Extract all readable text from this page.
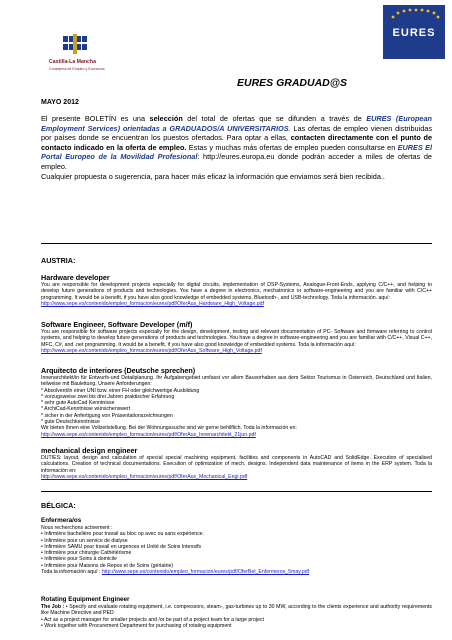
Castilla-La Mancha
Consejería de Empleo y Economía
EURES
EURES GRADUAD@S
MAYO 2012
El presente BOLETÍN es una selección del total de ofertas que se difunden a través de EURES (European Employment Services) orientadas a GRADUADOS/A UNIVERSITARIOS. Las ofertas de empleo vienen distribuidas por países donde se encuentran los puestos ofertados. Para optar a ellas, contacten directamente con el punto de contacto indicado en la oferta de empleo. Estas y muchas más ofertas de empleo pueden consultarse en EURES El Portal Europeo de la Movilidad Profesional: http://eures.europa.eu donde podrán acceder a miles de ofertas de empleo.
Cualquier propuesta o sugerencia, para hacer más eficaz la información que enviamos será bien recibida..
AUSTRIA:
Hardware developer
You are responsible for development projects especially for digital circuits, implementation of DSP-Systems, Analogue-Front-Ends, applying C/C++, and helping to develop future generations of products and technologies. You have a degree in electronics, mechatronics or software-engineering and you are familiar with C/C++ programming. It would be a benefit, if you have also good knowledge of embedded systems, Bluetooth-, and USB-technology. Toda la información. aquí:
http://www.sepe.es/contenido/empleo_formacion/eures/pdf/OferAus_Hardware_High_Voltage.pdf
Software Engineer, Software Developer (m/f)
You are responsible for software projects especially for the design, development, testing and relevant documentation of PC- Software and firmware referring to control systems, and helping to develop future generations of products and technologies. You have a degree in software-engineering and you are familiar with C/C++, Visual C++, MFC, C#, and .net programming. It would be a benefit, if you have also good knowledge of embedded systems. Toda la información aquí:
http://www.sepe.es/contenido/empleo_formacion/eures/pdf/OferAus_Software_High_Voltage.pdf
Arquitecto de interiores (Deutsche sprechen)
Innenarchitekt/in für Entwurfs-und Detailplanung. Ihr Aufgabengebiet umfasst vor allem Bauvorhaben aus dem Sektor Tourismus in Österreich, Deutschland und Italien, teilweise mit Bauleitung. Unsere Anforderungen:
* Absolvent/in einer UNI bzw. einer FH oder gleichwertige Ausbildung
* vorzugsweise zwei bis drei Jahren praktischer Erfahrung
* sehr gute AutoCad Kenntnisse
* ArchiCad-Kenntnisse wünschenswert
* sicher in der Anfertigung von Präsentationszeichnungen
* gute Deutschkenntnisse
Wir bieten Ihnen eine Vollzeitstellung. Bei der Wohnungssuche sind wir gerne behilflich. Toda la información en:
http://www.sepe.es/contenido/empleo_formacion/eures/pdf/OferAus_Innenarchitekt_21jun.pdf
mechanical design engineer
DUTIES: layout, design and calculation of special special machining equipment, facilities and components in AutoCAD and SolidEdge. Execution of specialised calculations. Creation of technical documentations. Execution of optimization of mech. designs. Independent data maintenance of items in the ERP system. Toda la información en:
http://www.sepe.es/contenido/empleo_formacion/eures/pdf/OferAus_Mechanical_Engi.pdf
BÉLGICA:
Enfermera/os
Nous recherchons activement :
• Infirmière bachelière pour travail au bloc op avec ou sans expérience.
• Infirmière pour un service de dialyse
• Infirmière SAMU pour travail en urgences et Unité de Soins Intensifs
• Infirmière pour chirurgie Cathétérisme
• Infirmière pour Soins à domicile
• Infirmière pour Maisons de Repos et de Soins (gériatrie)
Toda la información aquí : http://www.sepe.es/contenido/empleo_formacion/eures/pdf/OferBel_Enfermeros_5may.pdf
Rotating Equipment Engineer
The Job : • Specify and evaluate rotating equipment, i.e. compressors, steam-, gas-turbines up to 30 MW, according to the clients experience and authority requirements like Machine Directive and PED
• Act as a project manager for smaller projects and /or be part of a project team for a large project
• Work together with Procurement Department for purchasing of rotating equipment
